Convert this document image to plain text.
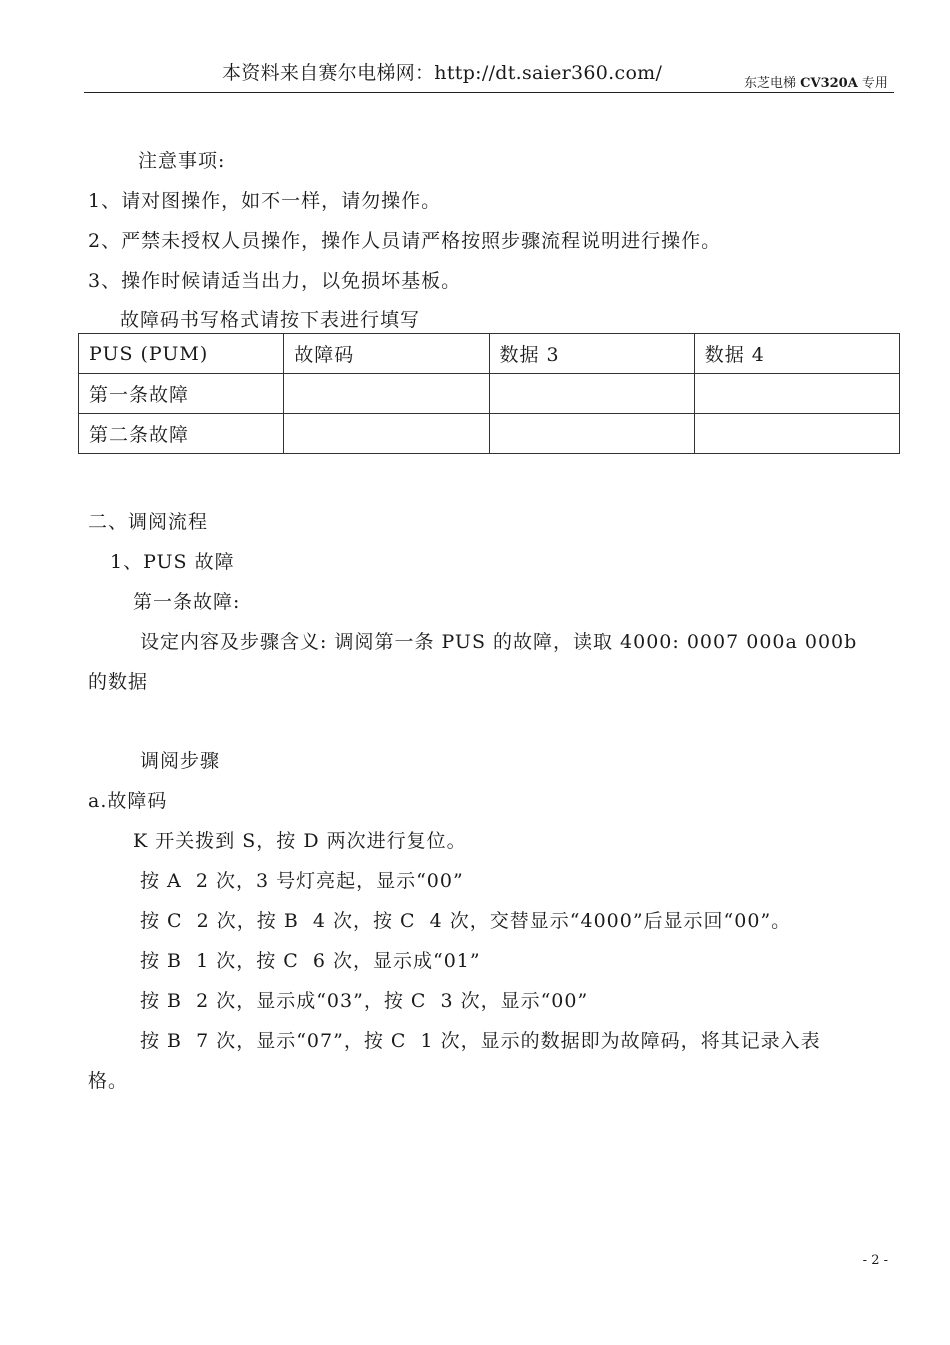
本资料来自赛尔电梯网：http://dt.saier360.com/	东芝电梯 CV320A 专用
注意事项:
1、请对图操作，如不一样，请勿操作。
2、严禁未授权人员操作，操作人员请严格按照步骤流程说明进行操作。
3、操作时候请适当出力，以免损坏基板。
故障码书写格式请按下表进行填写
PUS (PUM)	故障码	数据 3	数据 4
第一条故障			
第二条故障			
二、调阅流程
1、PUS 故障
第一条故障:
设定内容及步骤含义: 调阅第一条 PUS 的故障，读取 4000: 0007 000a 000b
的数据
调阅步骤
a.故障码
K 开关拨到 S，按 D 两次进行复位。
按 A  2 次，3 号灯亮起，显示“00”
按 C  2 次，按 B  4 次，按 C  4 次，交替显示“4000”后显示回“00”。
按 B  1 次，按 C  6 次，显示成“01”
按 B  2 次，显示成“03”，按 C  3 次，显示“00”
按 B  7 次，显示“07”，按 C  1 次，显示的数据即为故障码，将其记录入表
格。
- 2 -
